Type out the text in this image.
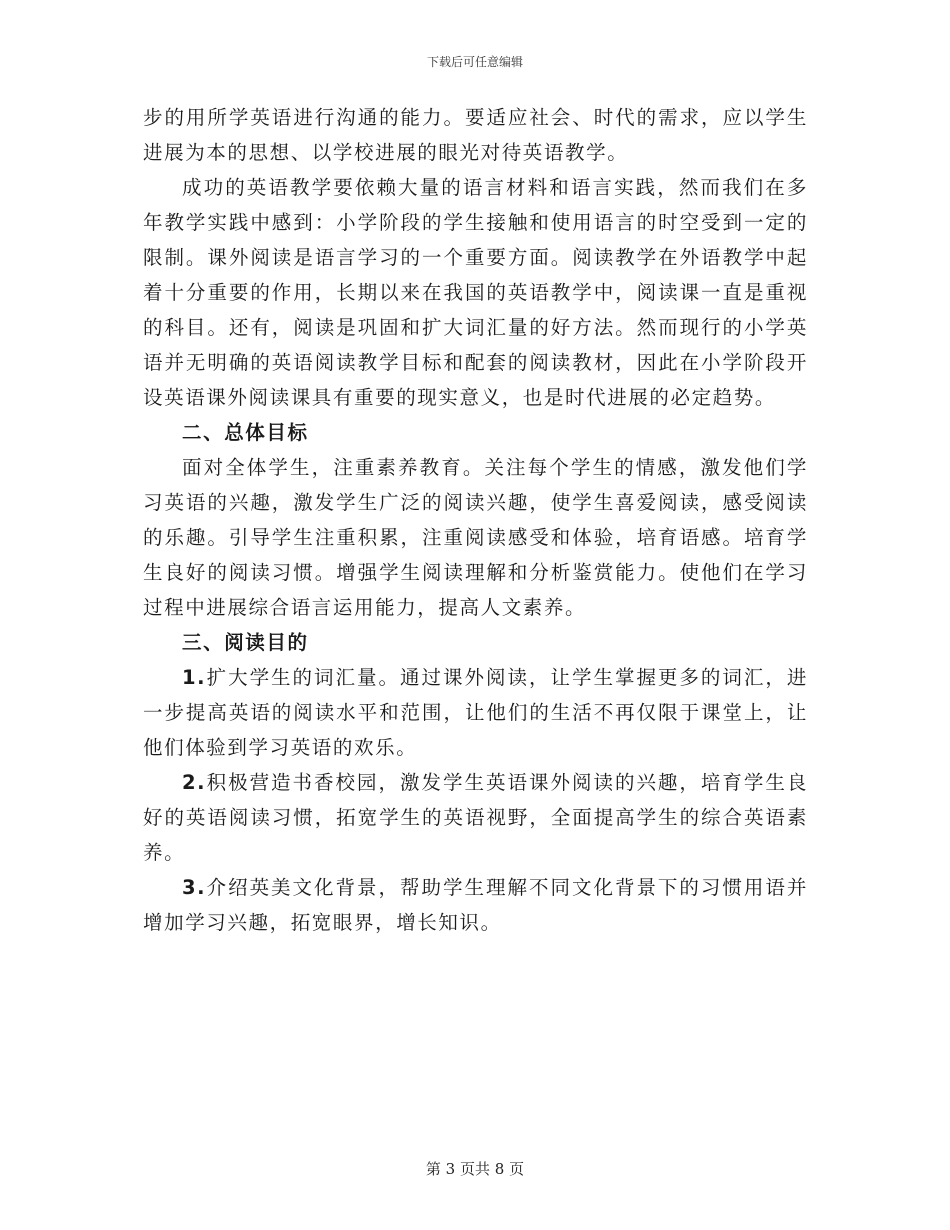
下载后可任意编辑

步的用所学英语进行沟通的能力。要适应社会、时代的需求，应以学生进展为本的思想、以学校进展的眼光对待英语教学。

成功的英语教学要依赖大量的语言材料和语言实践，然而我们在多年教学实践中感到：小学阶段的学生接触和使用语言的时空受到一定的限制。课外阅读是语言学习的一个重要方面。阅读教学在外语教学中起着十分重要的作用，长期以来在我国的英语教学中，阅读课一直是重视的科目。还有，阅读是巩固和扩大词汇量的好方法。然而现行的小学英语并无明确的英语阅读教学目标和配套的阅读教材，因此在小学阶段开设英语课外阅读课具有重要的现实意义，也是时代进展的必定趋势。

二、总体目标

面对全体学生，注重素养教育。关注每个学生的情感，激发他们学习英语的兴趣，激发学生广泛的阅读兴趣，使学生喜爱阅读，感受阅读的乐趣。引导学生注重积累，注重阅读感受和体验，培育语感。培育学生良好的阅读习惯。增强学生阅读理解和分析鉴赏能力。使他们在学习过程中进展综合语言运用能力，提高人文素养。

三、阅读目的

1.扩大学生的词汇量。通过课外阅读，让学生掌握更多的词汇，进一步提高英语的阅读水平和范围，让他们的生活不再仅限于课堂上，让他们体验到学习英语的欢乐。

2.积极营造书香校园，激发学生英语课外阅读的兴趣，培育学生良好的英语阅读习惯，拓宽学生的英语视野，全面提高学生的综合英语素养。

3.介绍英美文化背景，帮助学生理解不同文化背景下的习惯用语并增加学习兴趣，拓宽眼界，增长知识。

第 3 页共 8 页
